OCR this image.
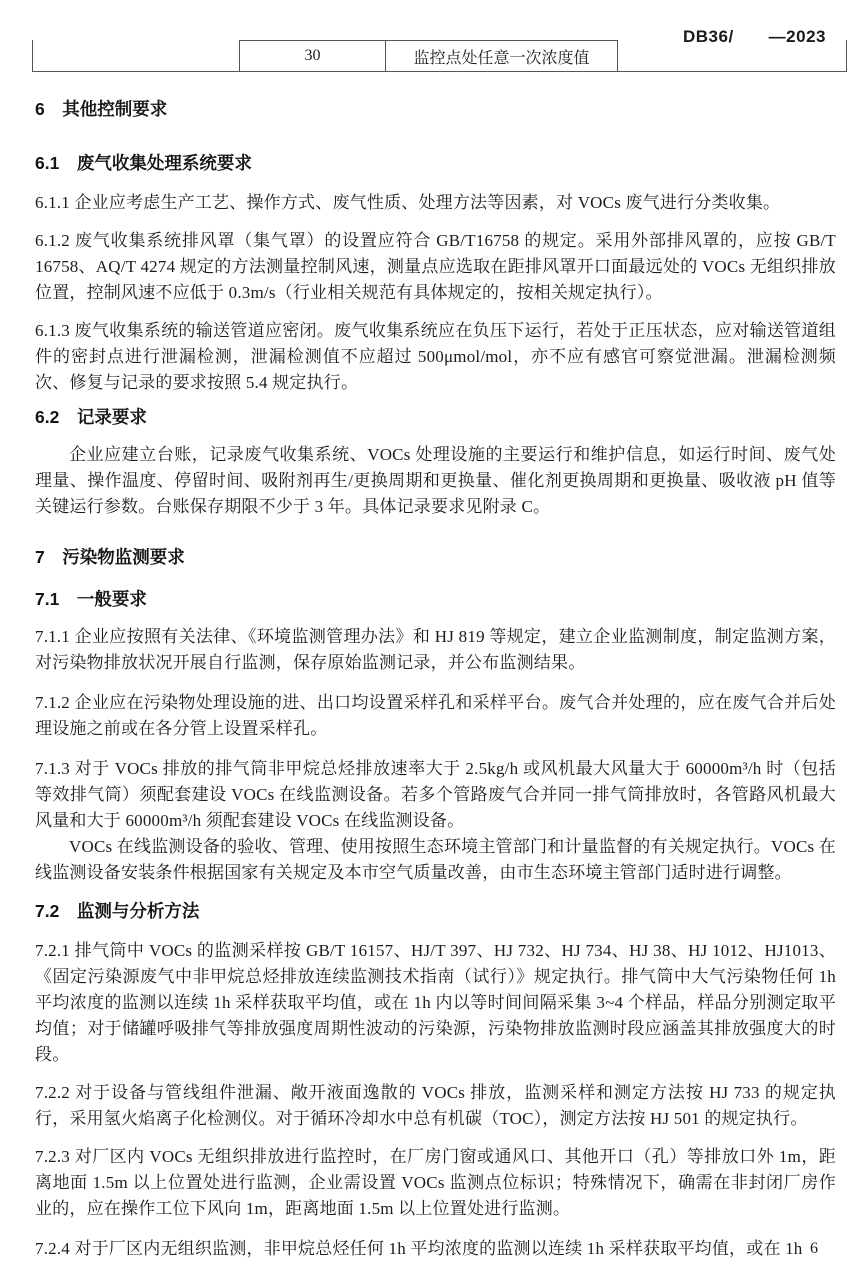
DB36/　　—2023
30	监控点处任意一次浓度值
6　其他控制要求
6.1　废气收集处理系统要求

6.1.1 企业应考虑生产工艺、操作方式、废气性质、处理方法等因素，对 VOCs 废气进行分类收集。

6.1.2 废气收集系统排风罩（集气罩）的设置应符合 GB/T16758 的规定。采用外部排风罩的，应按 GB/T 16758、AQ/T 4274 规定的方法测量控制风速，测量点应选取在距排风罩开口面最远处的 VOCs 无组织排放位置，控制风速不应低于 0.3m/s（行业相关规范有具体规定的，按相关规定执行）。

6.1.3 废气收集系统的输送管道应密闭。废气收集系统应在负压下运行，若处于正压状态，应对输送管道组件的密封点进行泄漏检测，泄漏检测值不应超过 500μmol/mol，亦不应有感官可察觉泄漏。泄漏检测频次、修复与记录的要求按照 5.4 规定执行。

6.2　记录要求

企业应建立台账，记录废气收集系统、VOCs 处理设施的主要运行和维护信息，如运行时间、废气处理量、操作温度、停留时间、吸附剂再生/更换周期和更换量、催化剂更换周期和更换量、吸收液 pH 值等关键运行参数。台账保存期限不少于 3 年。具体记录要求见附录 C。

7　污染物监测要求
7.1　一般要求

7.1.1 企业应按照有关法律、《环境监测管理办法》和 HJ 819 等规定，建立企业监测制度，制定监测方案，对污染物排放状况开展自行监测，保存原始监测记录，并公布监测结果。

7.1.2 企业应在污染物处理设施的进、出口均设置采样孔和采样平台。废气合并处理的，应在废气合并后处理设施之前或在各分管上设置采样孔。

7.1.3 对于 VOCs 排放的排气筒非甲烷总烃排放速率大于 2.5kg/h 或风机最大风量大于 60000m³/h 时（包括等效排气筒）须配套建设 VOCs 在线监测设备。若多个管路废气合并同一排气筒排放时，各管路风机最大风量和大于 60000m³/h 须配套建设 VOCs 在线监测设备。

VOCs 在线监测设备的验收、管理、使用按照生态环境主管部门和计量监督的有关规定执行。VOCs 在线监测设备安装条件根据国家有关规定及本市空气质量改善，由市生态环境主管部门适时进行调整。

7.2　监测与分析方法

7.2.1 排气筒中 VOCs 的监测采样按 GB/T 16157、HJ/T 397、HJ 732、HJ 734、HJ 38、HJ 1012、HJ1013、《固定污染源废气中非甲烷总烃排放连续监测技术指南（试行）》规定执行。排气筒中大气污染物任何 1h 平均浓度的监测以连续 1h 采样获取平均值，或在 1h 内以等时间间隔采集 3~4 个样品，样品分别测定取平均值；对于储罐呼吸排气等排放强度周期性波动的污染源，污染物排放监测时段应涵盖其排放强度大的时段。

7.2.2 对于设备与管线组件泄漏、敞开液面逸散的 VOCs 排放，监测采样和测定方法按 HJ 733 的规定执行，采用氢火焰离子化检测仪。对于循环冷却水中总有机碳（TOC），测定方法按 HJ 501 的规定执行。

7.2.3 对厂区内 VOCs 无组织排放进行监控时，在厂房门窗或通风口、其他开口（孔）等排放口外 1m，距离地面 1.5m 以上位置处进行监测，企业需设置 VOCs 监测点位标识；特殊情况下，确需在非封闭厂房作业的，应在操作工位下风向 1m，距离地面 1.5m 以上位置处进行监测。

7.2.4 对于厂区内无组织监测，非甲烷总烃任何 1h 平均浓度的监测以连续 1h 采样获取平均值，或在 1h 6
